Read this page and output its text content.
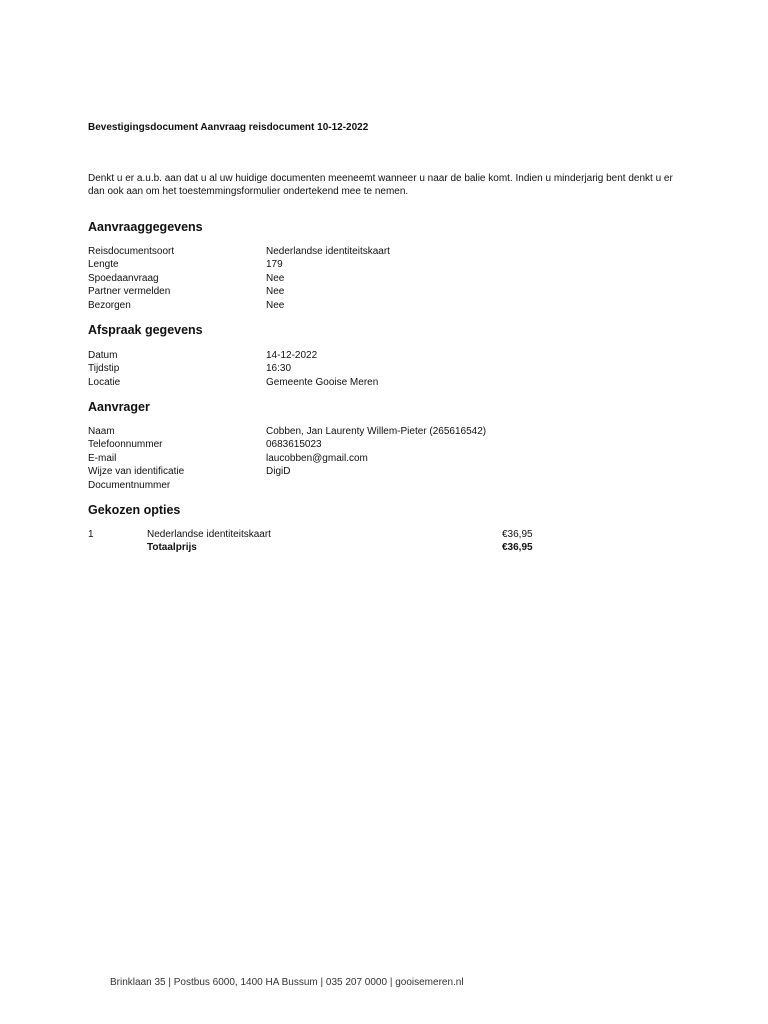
Bevestigingsdocument Aanvraag reisdocument 10-12-2022
Denkt u er a.u.b. aan dat u al uw huidige documenten meeneemt wanneer u naar de balie komt. Indien u minderjarig bent denkt u er dan ook aan om het toestemmingsformulier ondertekend mee te nemen.
Aanvraaggegevens
Reisdocumentsoort	Nederlandse identiteitskaart
Lengte	179
Spoedaanvraag	Nee
Partner vermelden	Nee
Bezorgen	Nee
Afspraak gegevens
Datum	14-12-2022
Tijdstip	16:30
Locatie	Gemeente Gooise Meren
Aanvrager
Naam	Cobben, Jan Laurenty Willem-Pieter (265616542)
Telefoonnummer	0683615023
E-mail	laucobben@gmail.com
Wijze van identificatie	DigiD
Documentnummer
Gekozen opties
1	Nederlandse identiteitskaart	€36,95
Totaalprijs	€36,95
Brinklaan 35 | Postbus 6000, 1400 HA Bussum | 035 207 0000 | gooisemeren.nl
